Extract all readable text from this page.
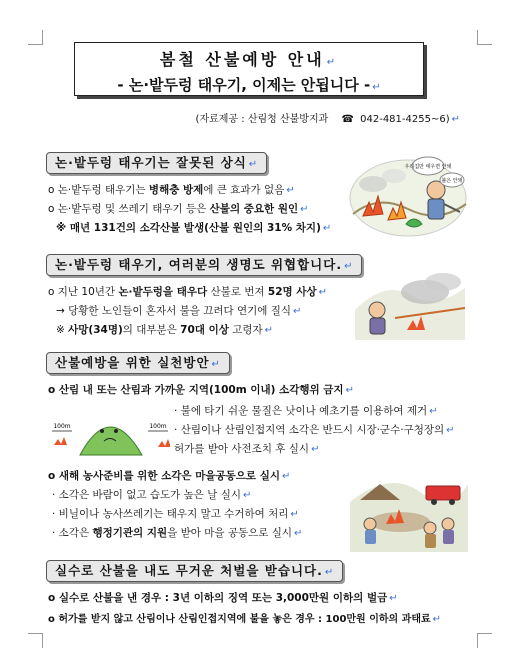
봄철 산불예방 안내 ↵
- 논·밭두렁 태우기, 이제는 안됩니다 - ↵
(자료제공 : 산림청 산불방지과 ☎ 042-481-4255~6) ↵
논·밭두렁 태우기는 잘못된 상식 ↵
o 논·밭두렁 태우기는 병해충 방제에 큰 효과가 없음 ↵
o 논·밭두렁 및 쓰레기 태우기 등은 산불의 중요한 원인 ↵
※ 매년 131건의 소각산불 발생(산불 원인의 31% 차지) ↵
우리집만 태우면 안돼
불은 안돼
논·밭두렁 태우기, 여러분의 생명도 위협합니다. ↵
o 지난 10년간 논·밭두렁을 태우다 산불로 번져 52명 사상 ↵
→ 당황한 노인들이 혼자서 불을 끄려다 연기에 질식 ↵
※ 사망(34명)의 대부분은 70대 이상 고령자 ↵
산불예방을 위한 실천방안 ↵
o 산림 내 또는 산림과 가까운 지역(100m 이내) 소각행위 금지 ↵
100m	100m
· 불에 타기 쉬운 물질은 낫이나 예초기를 이용하여 제거 ↵
· 산림이나 산림인접지역 소각은 반드시 시장·군수·구청장의 ↵
허가를 받아 사전조치 후 실시 ↵
o 새해 농사준비를 위한 소각은 마을공동으로 실시 ↵
· 소각은 바람이 없고 습도가 높은 날 실시 ↵
· 비닐이나 농사쓰레기는 태우지 말고 수거하여 처리 ↵
· 소각은 행정기관의 지원을 받아 마을 공동으로 실시 ↵
실수로 산불을 내도 무거운 처벌을 받습니다. ↵
o 실수로 산불을 낸 경우 : 3년 이하의 징역 또는 3,000만원 이하의 벌금 ↵
o 허가를 받지 않고 산림이나 산림인접지역에 불을 놓은 경우 : 100만원 이하의 과태료 ↵
